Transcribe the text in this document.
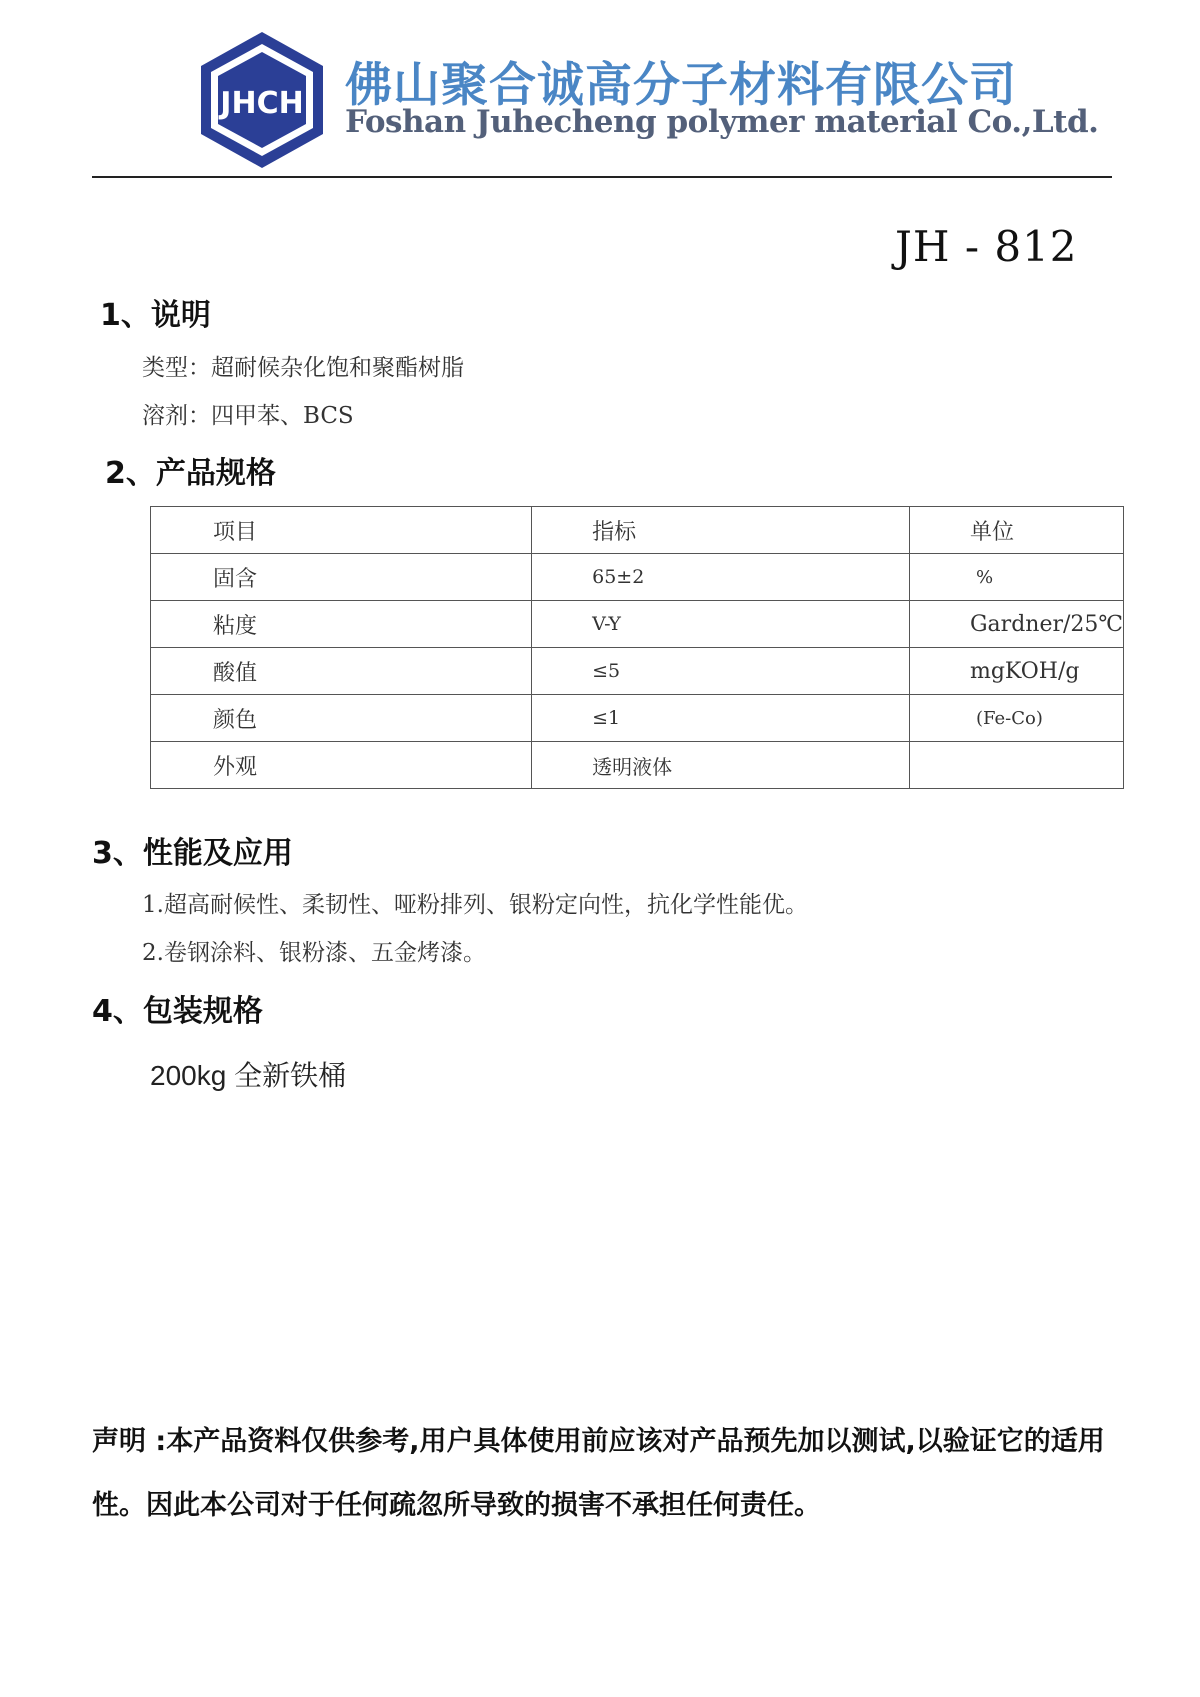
JHCH 佛山聚合诚高分子材料有限公司
Foshan Juhecheng polymer material Co.,Ltd.
JH - 812
1、说明
类型：超耐候杂化饱和聚酯树脂
溶剂：四甲苯、BCS
2、产品规格
项目	指标	单位
固含	65±2	%
粘度	V-Y	Gardner/25℃
酸值	≤5	mgKOH/g
颜色	≤1	(Fe-Co)
外观	透明液体	
3、性能及应用
1.超高耐候性、柔韧性、哑粉排列、银粉定向性，抗化学性能优。
2.卷钢涂料、银粉漆、五金烤漆。
4、包装规格
200kg 全新铁桶
声明 :本产品资料仅供参考,用户具体使用前应该对产品预先加以测试,以验证它的适用性。因此本公司对于任何疏忽所导致的损害不承担任何责任。
